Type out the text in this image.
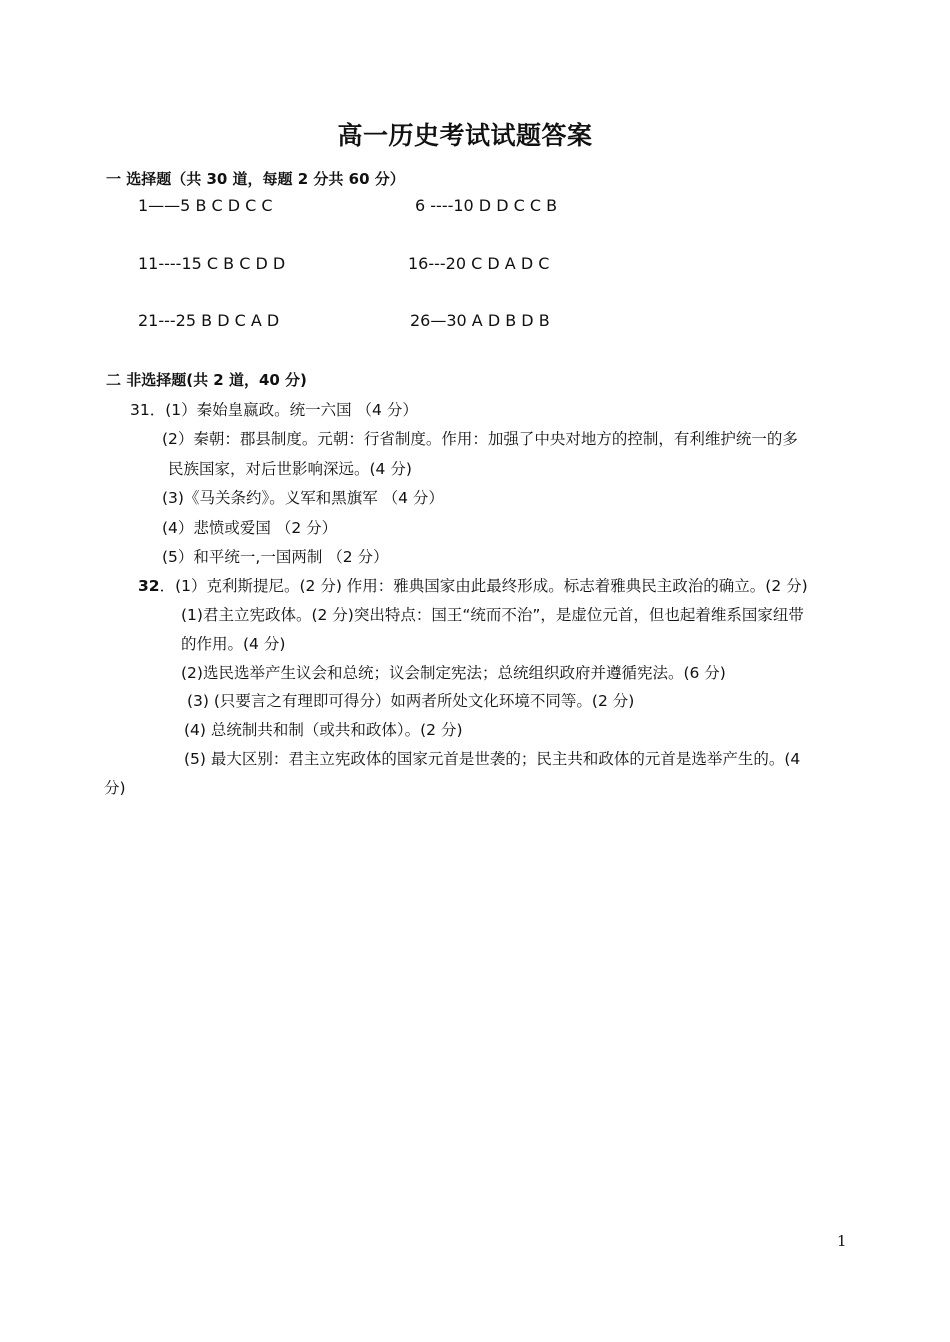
高一历史考试试题答案
一 选择题（共 30 道，每题 2 分共 60 分）
1——5 B C D C C	6 ----10 D D C C B
11----15 C B C D D	16---20 C D A D C
21---25 B D C A D	26—30 A D B D B
二 非选择题(共 2 道，40 分)
31．(1）秦始皇嬴政。统一六国 （4 分）
(2）秦朝：郡县制度。元朝：行省制度。作用：加强了中央对地方的控制，有利维护统一的多
民族国家，对后世影响深远。(4 分)
(3)《马关条约》。义军和黑旗军 （4 分）
(4）悲愤或爱国 （2 分）
(5）和平统一,一国两制 （2 分）
32．(1）克利斯提尼。(2 分) 作用：雅典国家由此最终形成。标志着雅典民主政治的确立。(2 分)
(1)君主立宪政体。(2 分)突出特点：国王“统而不治”，是虚位元首，但也起着维系国家纽带
的作用。(4 分)
(2)选民选举产生议会和总统；议会制定宪法；总统组织政府并遵循宪法。(6 分)
(3) (只要言之有理即可得分）如两者所处文化环境不同等。(2 分)
(4) 总统制共和制（或共和政体）。(2 分)
(5) 最大区别：君主立宪政体的国家元首是世袭的；民主共和政体的元首是选举产生的。(4
分)
1
